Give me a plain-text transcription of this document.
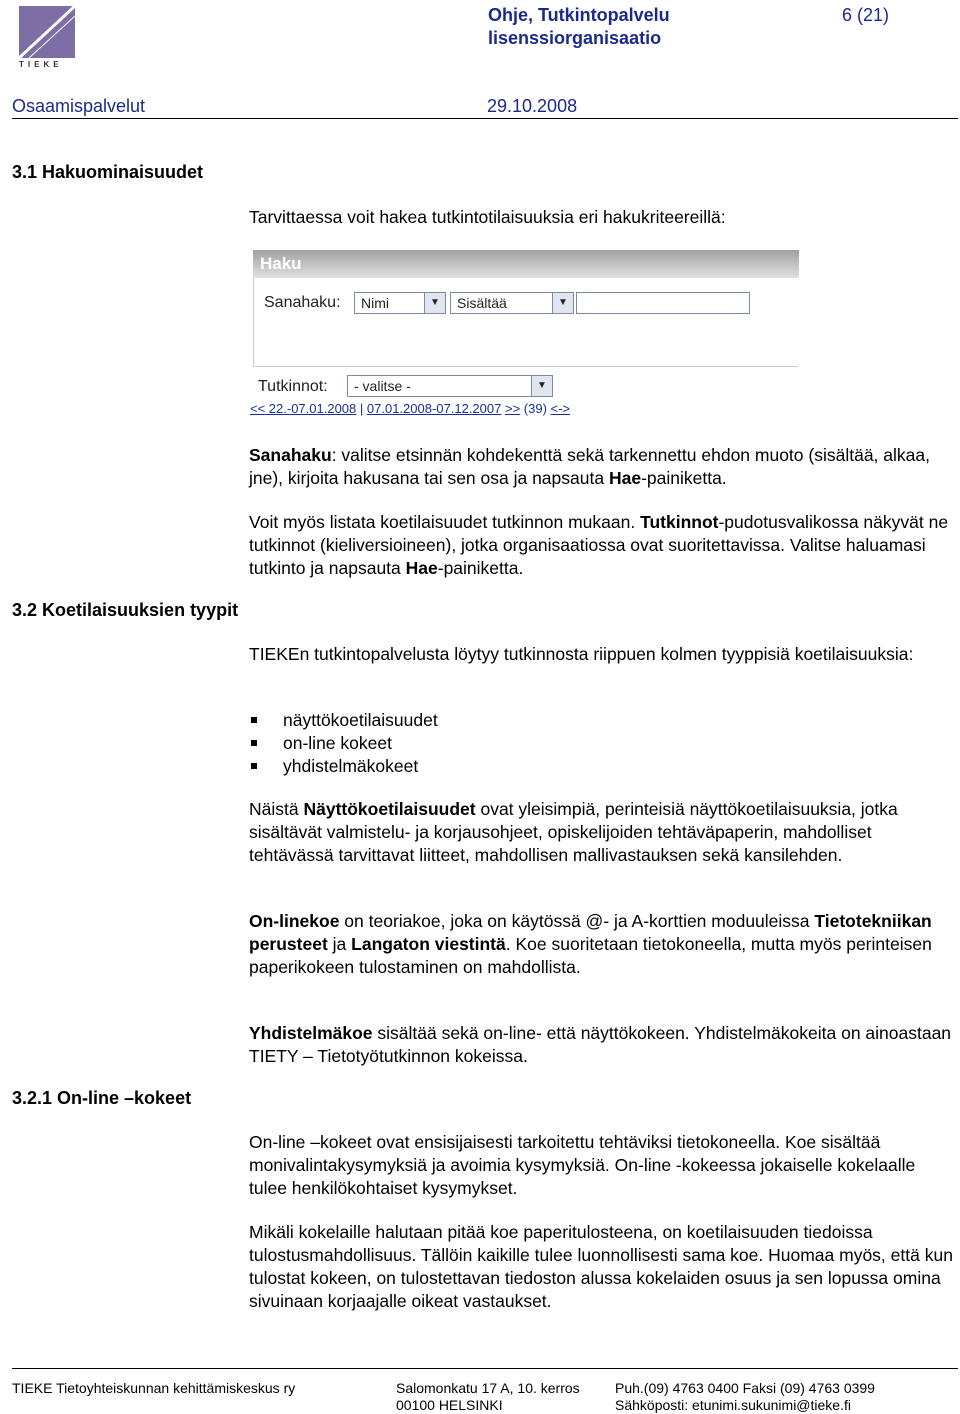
TIEKE
Ohje, Tutkintopalvelu
lisenssiorganisaatio
6 (21)
Osaamispalvelut	29.10.2008
3.1 Hakuominaisuudet
3.2 Koetilaisuuksien tyypit
3.2.1 On-line –kokeet
Tarvittaessa voit hakea tutkintotilaisuuksia eri hakukriteereillä:
Haku
Sanahaku:	Nimi	▼	Sisältää	▼
Tutkinnot:	- valitse -	▼
<< 22.-07.01.2008 | 07.01.2008-07.12.2007 >> (39) <->
Sanahaku: valitse etsinnän kohdekenttä sekä tarkennettu ehdon muoto (sisältää, alkaa, jne), kirjoita hakusana tai sen osa ja napsauta Hae-painiketta.
Voit myös listata koetilaisuudet tutkinnon mukaan. Tutkinnot-pudotusvalikossa näkyvät ne tutkinnot (kieliversioineen), jotka organisaatiossa ovat suoritettavissa. Valitse haluamasi tutkinto ja napsauta Hae-painiketta.
TIEKEn tutkintopalvelusta löytyy tutkinnosta riippuen kolmen tyyppisiä koetilaisuuksia:
näyttökoetilaisuudet
on-line kokeet
yhdistelmäkokeet
Näistä Näyttökoetilaisuudet ovat yleisimpiä, perinteisiä näyttökoetilaisuuksia, jotka sisältävät valmistelu- ja korjausohjeet, opiskelijoiden tehtäväpaperin, mahdolliset tehtävässä tarvittavat liitteet, mahdollisen mallivastauksen sekä kansilehden.
On-linekoe on teoriakoe, joka on käytössä @- ja A-korttien moduuleissa Tietotekniikan perusteet ja Langaton viestintä. Koe suoritetaan tietokoneella, mutta myös perinteisen paperikokeen tulostaminen on mahdollista.
Yhdistelmäkoe sisältää sekä on-line- että näyttökokeen. Yhdistelmäkokeita on ainoastaan TIETY – Tietotyötutkinnon kokeissa.
On-line –kokeet ovat ensisijaisesti tarkoitettu tehtäviksi tietokoneella. Koe sisältää monivalintakysymyksiä ja avoimia kysymyksiä. On-line -kokeessa jokaiselle kokelaalle tulee henkilökohtaiset kysymykset.
Mikäli kokelaille halutaan pitää koe paperitulosteena, on koetilaisuuden tiedoissa tulostusmahdollisuus. Tällöin kaikille tulee luonnollisesti sama koe. Huomaa myös, että kun tulostat kokeen, on tulostettavan tiedoston alussa kokelaiden osuus ja sen lopussa omina sivuinaan korjaajalle oikeat vastaukset.
TIEKE Tietoyhteiskunnan kehittämiskeskus ry	Salomonkatu 17 A, 10. kerros
00100 HELSINKI
Puh.(09) 4763 0400 Faksi (09) 4763 0399
Sähköposti: etunimi.sukunimi@tieke.fi
